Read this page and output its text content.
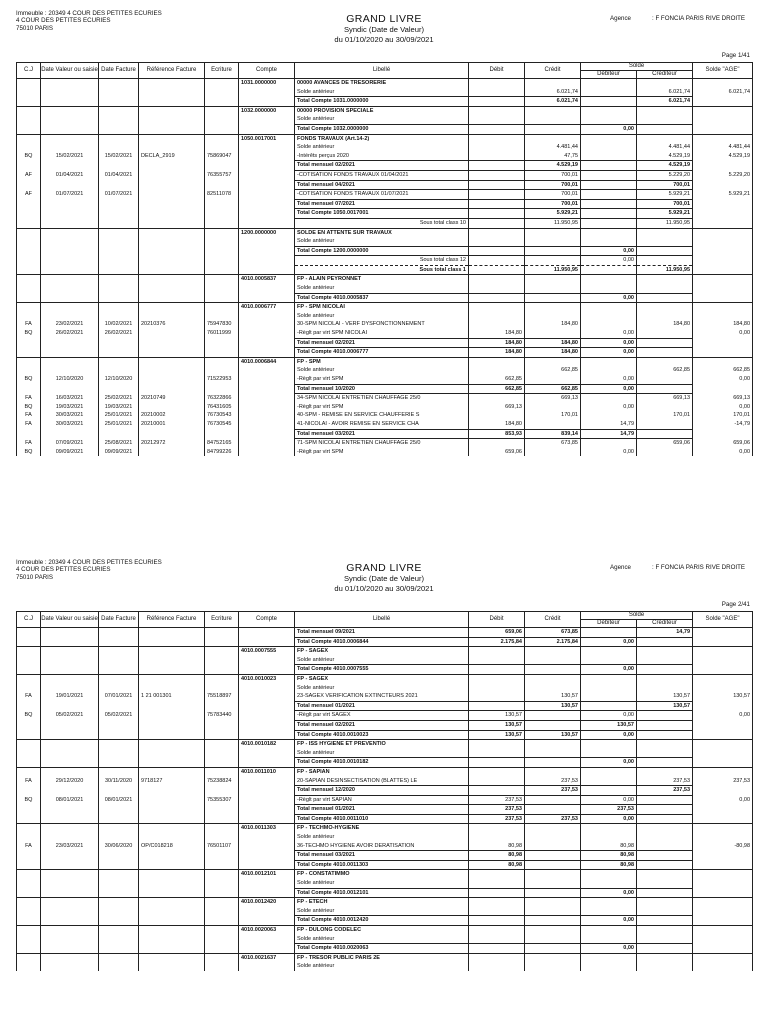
Immeuble : 20349 4 COUR DES PETITES ECURIES
4 COUR DES PETITES ECURIES
75010 PARIS
GRAND LIVRE
Syndic (Date de Valeur)
du 01/10/2020 au 30/09/2021
Agence	: F FONCIA PARIS RIVE DROITE
Page 1/41
C.J	Date Valeur ou saisie	Date Facture	Référence Facture	Ecriture	Compte	Libellé	Débit	Crédit	Solde		Solde "AGE"
									Débiteur	Créditeur	
					1031.0000000	00000 AVANCES DE TRESORERIE					
						Solde antérieur		6.021,74		6.021,74	6.021,74
						Total Compte 1031.0000000		6.021,74		6.021,74	
					1032.0000000	00000 PROVISION SPECIALE					
						Solde antérieur					
						Total Compte 1032.0000000			0,00		
					1050.0017001	FONDS TRAVAUX (Art.14-2)					
						Solde antérieur		4.481,44		4.481,44	4.481,44
BQ	15/02/2021	15/02/2021	DECLA_2919	75869047		-Intérêts perçus 2020		47,75		4.529,19	4.529,19
						Total mensuel 02/2021		4.529,19		4.529,19	
AF	01/04/2021	01/04/2021		76355757		-COTISATION FONDS TRAVAUX 01/04/2021		700,01		5.229,20	5.229,20
						Total mensuel 04/2021		700,01		700,01	
AF	01/07/2021	01/07/2021		82511078		-COTISATION FONDS TRAVAUX 01/07/2021		700,01		5.929,21	5.929,21
						Total mensuel 07/2021		700,01		700,01	
						Total Compte 1050.0017001		5.929,21		5.929,21	
						Sous total class 10		11.950,95		11.950,95	
					1200.0000000	SOLDE EN ATTENTE SUR TRAVAUX					
						Solde antérieur					
						Total Compte 1200.0000000			0,00		
						Sous total class 12			0,00		
						Sous total class 1		11.950,95		11.950,95	
					4010.0005837	FP - ALAIN PEYRONNET					
						Solde antérieur					
						Total Compte 4010.0005837			0,00		
					4010.0006777	FP - SPM NICOLAI					
						Solde antérieur					
FA	23/02/2021	10/02/2021	20210376	75947830		30-SPM NICOLAI - VERF DYSFONCTIONNEMENT		184,80		184,80	184,80
BQ	26/02/2021	26/02/2021		76011999		-Règlt par virt SPM NICOLAI	184,80		0,00		0,00
						Total mensuel 02/2021	184,80	184,80	0,00		
						Total Compte 4010.0006777	184,80	184,80	0,00		
					4010.0006844	FP - SPM					
						Solde antérieur		662,85		662,85	662,85
BQ	12/10/2020	12/10/2020		71522953		-Règlt par virt SPM	662,85		0,00		0,00
						Total mensuel 10/2020	662,85	662,85	0,00		
FA	16/03/2021	25/02/2021	20210749	76322866		34-SPM NICOLAI ENTRETIEN CHAUFFAGE 25/0		669,13		669,13	669,13
BQ	19/03/2021	19/03/2021		76431605		-Règlt par virt SPM	669,13		0,00		0,00
FA	30/03/2021	25/01/2021	20210002	76730543		40-SPM - REMISE EN SERVICE CHAUFFERIE S		170,01		170,01	170,01
FA	30/03/2021	25/01/2021	20210001	76730545		41-NICOLAI - AVOIR REMISE EN SERVICE CHA	184,80		14,79		-14,79
						Total mensuel 03/2021	853,93	839,14	14,79		
FA	07/09/2021	25/08/2021	20212972	84752165		71-SPM NICOLAI ENTRETIEN CHAUFFAGE 25/0		673,85		659,06	659,06
BQ	09/09/2021	09/09/2021		84799226		-Règlt par virt SPM	659,06		0,00		0,00
Immeuble : 20349 4 COUR DES PETITES ECURIES
4 COUR DES PETITES ECURIES
75010 PARIS
GRAND LIVRE
Syndic (Date de Valeur)
du 01/10/2020 au 30/09/2021
Agence	: F FONCIA PARIS RIVE DROITE
Page 2/41
C.J	Date Valeur ou saisie	Date Facture	Référence Facture	Ecriture	Compte	Libellé	Débit	Crédit	Solde		Solde "AGE"
									Débiteur	Créditeur	
						Total mensuel 09/2021	659,06	673,85		14,79	
						Total Compte 4010.0006844	2.175,84	2.175,84	0,00		
					4010.0007555	FP - SAGEX					
						Solde antérieur					
						Total Compte 4010.0007555			0,00		
					4010.0010023	FP - SAGEX					
						Solde antérieur					
FA	19/01/2021	07/01/2021	1 21 001301	75518897		23-SAGEX VERIFICATION EXTINCTEURS 2021		130,57		130,57	130,57
						Total mensuel 01/2021		130,57		130,57	
BQ	05/02/2021	05/02/2021		75783440		-Règlt par virt SAGEX	130,57		0,00		0,00
						Total mensuel 02/2021	130,57		130,57		
						Total Compte 4010.0010023	130,57	130,57	0,00		
					4010.0010182	FP - ISS HYGIENE ET PREVENTIO					
						Solde antérieur					
						Total Compte 4010.0010182			0,00		
					4010.0011010	FP - SAPIAN					
FA	29/12/2020	30/11/2020	9718127	75238824		20-SAPIAN DESINSECTISATION (BLATTES) LE		237,53		237,53	237,53
						Total mensuel 12/2020		237,53		237,53	
BQ	08/01/2021	08/01/2021		75355307		-Règlt par virt SAPIAN	237,53		0,00		0,00
						Total mensuel 01/2021	237,53		237,53		
						Total Compte 4010.0011010	237,53	237,53	0,00		
					4010.0011303	FP - TECHMO-HYGIENE					
						Solde antérieur					
FA	23/03/2021	30/06/2020	OP/C018218	76501107		36-TECHMO HYGIENE AVOIR DERATISATION	80,98		80,98		-80,98
						Total mensuel 03/2021	80,98		80,98		
						Total Compte 4010.0011303	80,98		80,98		
					4010.0012101	FP - CONSTATIMMO					
						Solde antérieur					
						Total Compte 4010.0012101			0,00		
					4010.0012420	FP - ETECH					
						Solde antérieur					
						Total Compte 4010.0012420			0,00		
					4010.0020063	FP - DULONG CODELEC					
						Solde antérieur					
						Total Compte 4010.0020063			0,00		
					4010.0021637	FP - TRESOR PUBLIC PARIS 2E					
						Solde antérieur					
